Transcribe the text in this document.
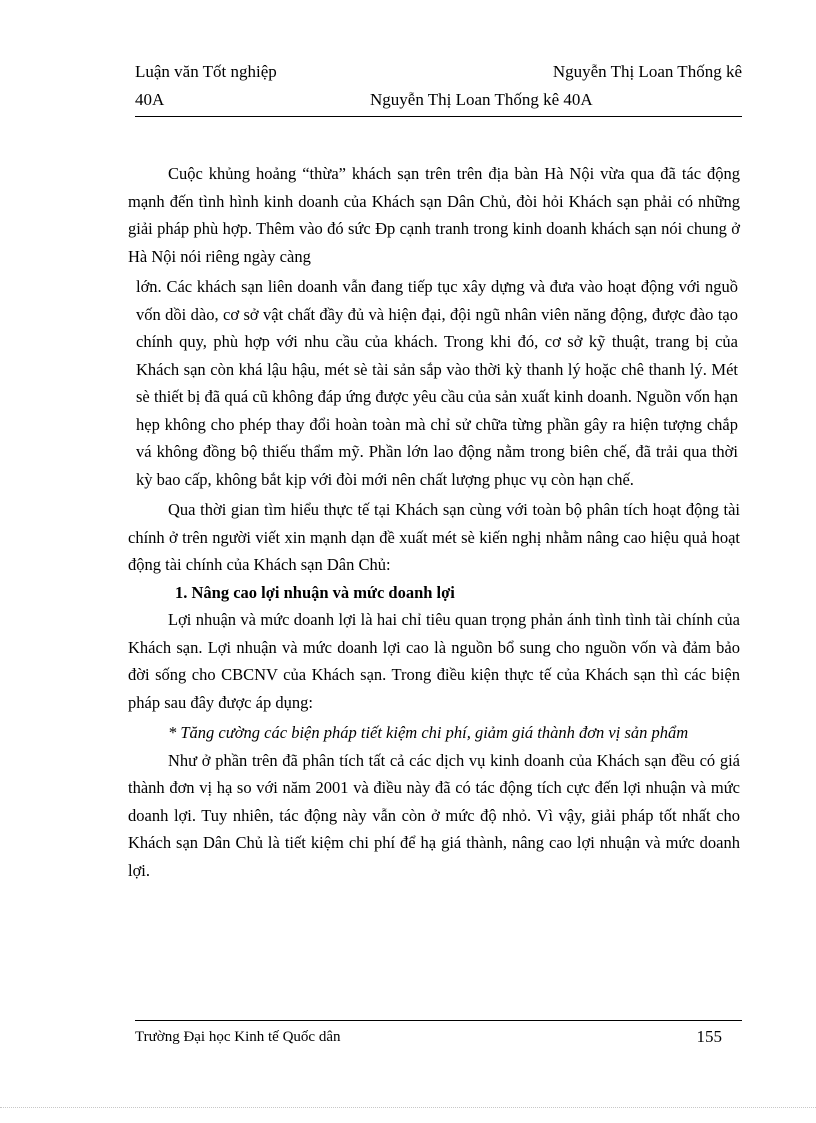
Luận văn Tốt nghiệp	Nguyễn Thị Loan Thống kê
40A	Nguyễn Thị Loan Thống kê 40A

Cuộc khủng hoảng “thừa” khách sạn trên trên địa bàn Hà Nội vừa qua đã tác động mạnh đến tình hình kinh doanh của Khách sạn Dân Chủ, đòi hỏi Khách sạn phải có những giải pháp phù hợp. Thêm vào đó sức Đp cạnh tranh trong kinh doanh khách sạn nói chung ở Hà Nội nói riêng ngày càng

lớn. Các khách sạn liên doanh vẫn đang tiếp tục xây dựng và đưa vào hoạt động với nguồ vốn dồi dào, cơ sở vật chất đầy đủ và hiện đại, đội ngũ nhân viên năng động, được đào tạo chính quy, phù hợp với nhu cầu của khách. Trong khi đó, cơ sở kỹ thuật, trang bị của Khách sạn còn khá lậu hậu, mét sè tài sản sắp vào thời kỳ thanh lý hoặc chê thanh lý. Mét sè thiết bị đã quá cũ không đáp ứng được yêu cầu của sản xuất kinh doanh. Nguồn vốn hạn hẹp không cho phép thay đổi hoàn toàn mà chỉ sử chữa từng phần gây ra hiện tượng chắp vá không đồng bộ thiếu thẩm mỹ. Phần lớn lao động nằm trong biên chế, đã trải qua thời kỳ bao cấp, không bắt kịp với đòi mới nên chất lượng phục vụ còn hạn chế.

Qua thời gian tìm hiểu thực tế tại Khách sạn cùng với toàn bộ phân tích hoạt động tài chính ở trên người viết xin mạnh dạn đề xuất mét sè kiến nghị nhằm nâng cao hiệu quả hoạt động tài chính của Khách sạn Dân Chủ:

1. Nâng cao lợi nhuận và mức doanh lợi

Lợi nhuận và mức doanh lợi là hai chỉ tiêu quan trọng phản ánh tình tình tài chính của Khách sạn. Lợi nhuận và mức doanh lợi cao là nguồn bổ sung cho nguồn vốn và đảm bảo đời sống cho CBCNV của Khách sạn. Trong điều kiện thực tế của Khách sạn thì các biện pháp sau đây được áp dụng:

* Tăng cường các biện pháp tiết kiệm chi phí, giảm giá thành đơn vị sản phẩm

Như ở phần trên đã phân tích tất cả các dịch vụ kinh doanh của Khách sạn đều có giá thành đơn vị hạ so với năm 2001 và điều này đã có tác động tích cực đến lợi nhuận và mức doanh lợi. Tuy nhiên, tác động này vẫn còn ở mức độ nhỏ. Vì vậy, giải pháp tốt nhất cho Khách sạn Dân Chủ là tiết kiệm chi phí để hạ giá thành, nâng cao lợi nhuận và mức doanh lợi.

Trường Đại học Kinh tế Quốc dân	155
